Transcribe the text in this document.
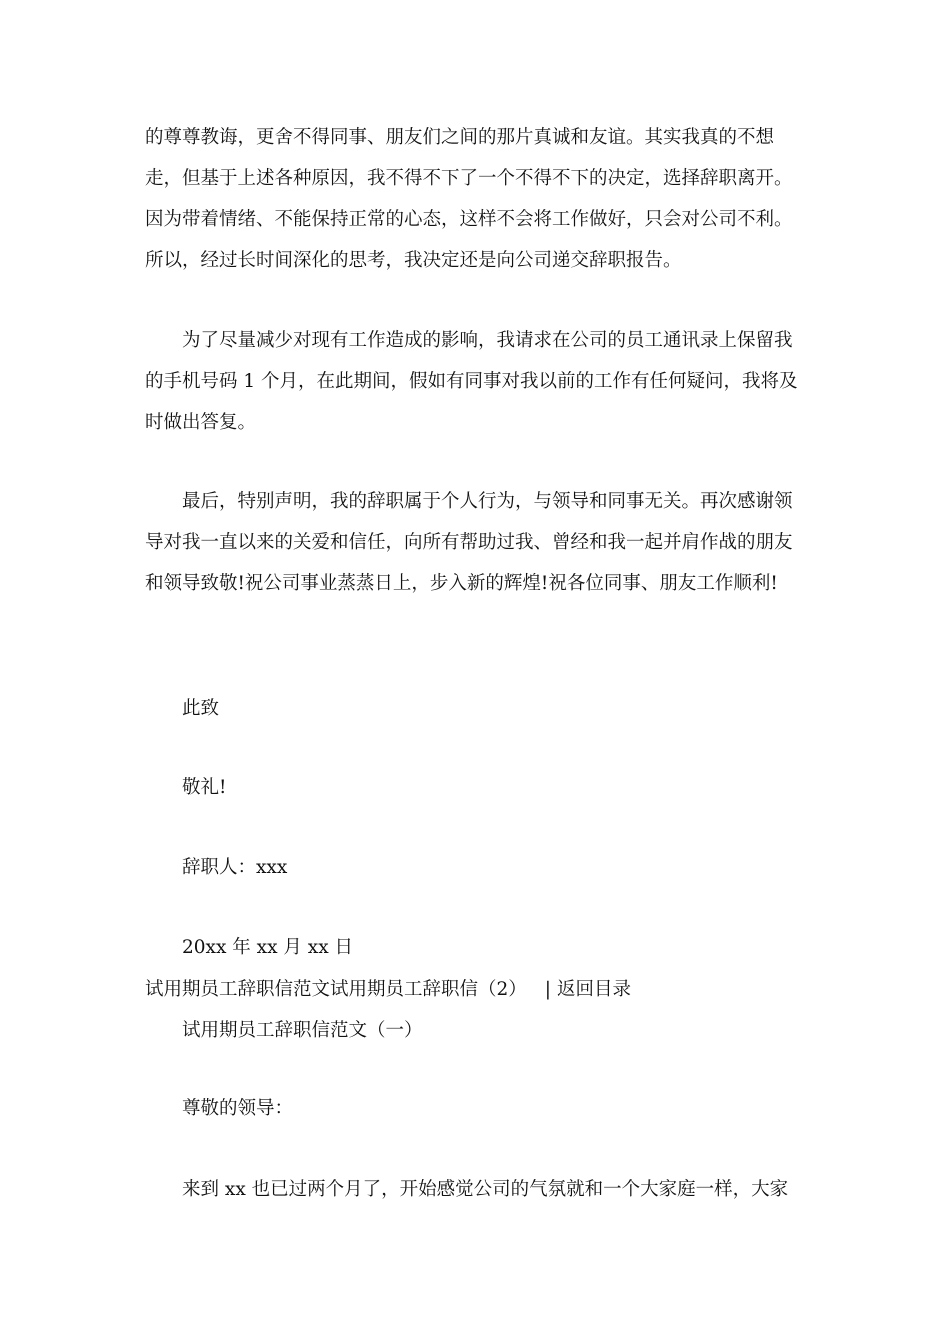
的尊尊教诲，更舍不得同事、朋友们之间的那片真诚和友谊。其实我真的不想走，但基于上述各种原因，我不得不下了一个不得不下的决定，选择辞职离开。因为带着情绪、不能保持正常的心态，这样不会将工作做好，只会对公司不利。所以，经过长时间深化的思考，我决定还是向公司递交辞职报告。

为了尽量减少对现有工作造成的影响，我请求在公司的员工通讯录上保留我的手机号码 1 个月，在此期间，假如有同事对我以前的工作有任何疑问，我将及时做出答复。

最后，特别声明，我的辞职属于个人行为，与领导和同事无关。再次感谢领导对我一直以来的关爱和信任，向所有帮助过我、曾经和我一起并肩作战的朋友和领导致敬!祝公司事业蒸蒸日上，步入新的辉煌!祝各位同事、朋友工作顺利!

此致
敬礼!
辞职人：xxx
20xx 年 xx 月 xx 日
试用期员工辞职信范文试用期员工辞职信（2） | 返回目录
试用期员工辞职信范文（一）
尊敬的领导：
来到 xx 也已过两个月了，开始感觉公司的气氛就和一个大家庭一样，大家
